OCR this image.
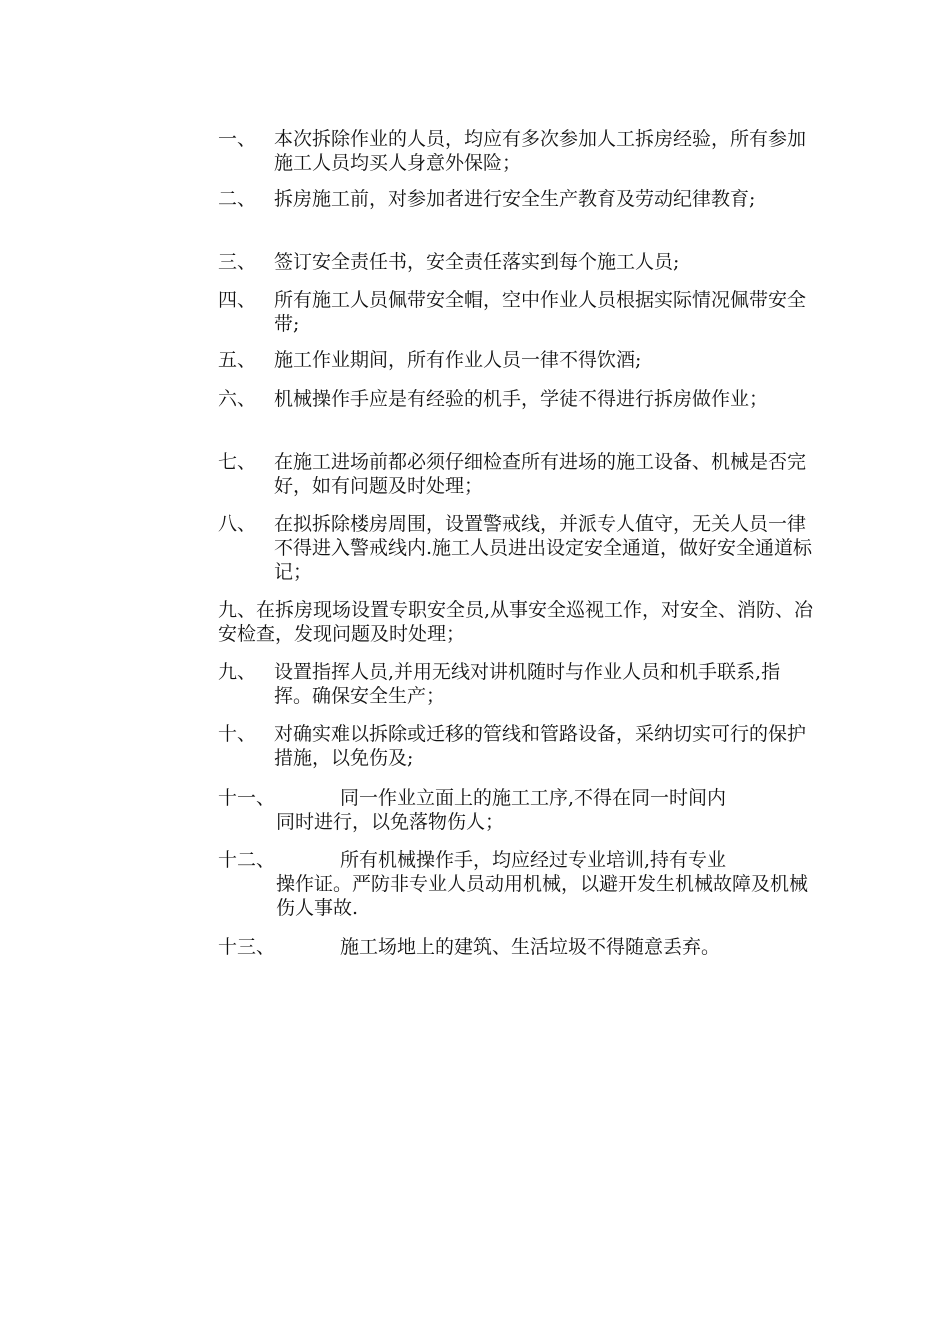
一、 本次拆除作业的人员，均应有多次参加人工拆房经验，所有参加施工人员均买人身意外保险；
二、 拆房施工前，对参加者进行安全生产教育及劳动纪律教育;
三、 签订安全责任书，安全责任落实到每个施工人员;
四、 所有施工人员佩带安全帽，空中作业人员根据实际情况佩带安全带;
五、 施工作业期间，所有作业人员一律不得饮酒;
六、 机械操作手应是有经验的机手，学徒不得进行拆房做作业；
七、 在施工进场前都必须仔细检查所有进场的施工设备、机械是否完好，如有问题及时处理；
八、 在拟拆除楼房周围，设置警戒线，并派专人值守，无关人员一律不得进入警戒线内.施工人员进出设定安全通道，做好安全通道标记；
九、在拆房现场设置专职安全员,从事安全巡视工作，对安全、消防、冶安检查，发现问题及时处理；
九、 设置指挥人员,并用无线对讲机随时与作业人员和机手联系,指挥。确保安全生产；
十、 对确实难以拆除或迁移的管线和管路设备，采纳切实可行的保护措施，以免伤及;
十一、	同一作业立面上的施工工序,不得在同一时间内
同时进行，以免落物伤人；
十二、	所有机械操作手，均应经过专业培训,持有专业
操作证。严防非专业人员动用机械，以避开发生机械故障及机械伤人事故.
十三、	施工场地上的建筑、生活垃圾不得随意丢弃。
